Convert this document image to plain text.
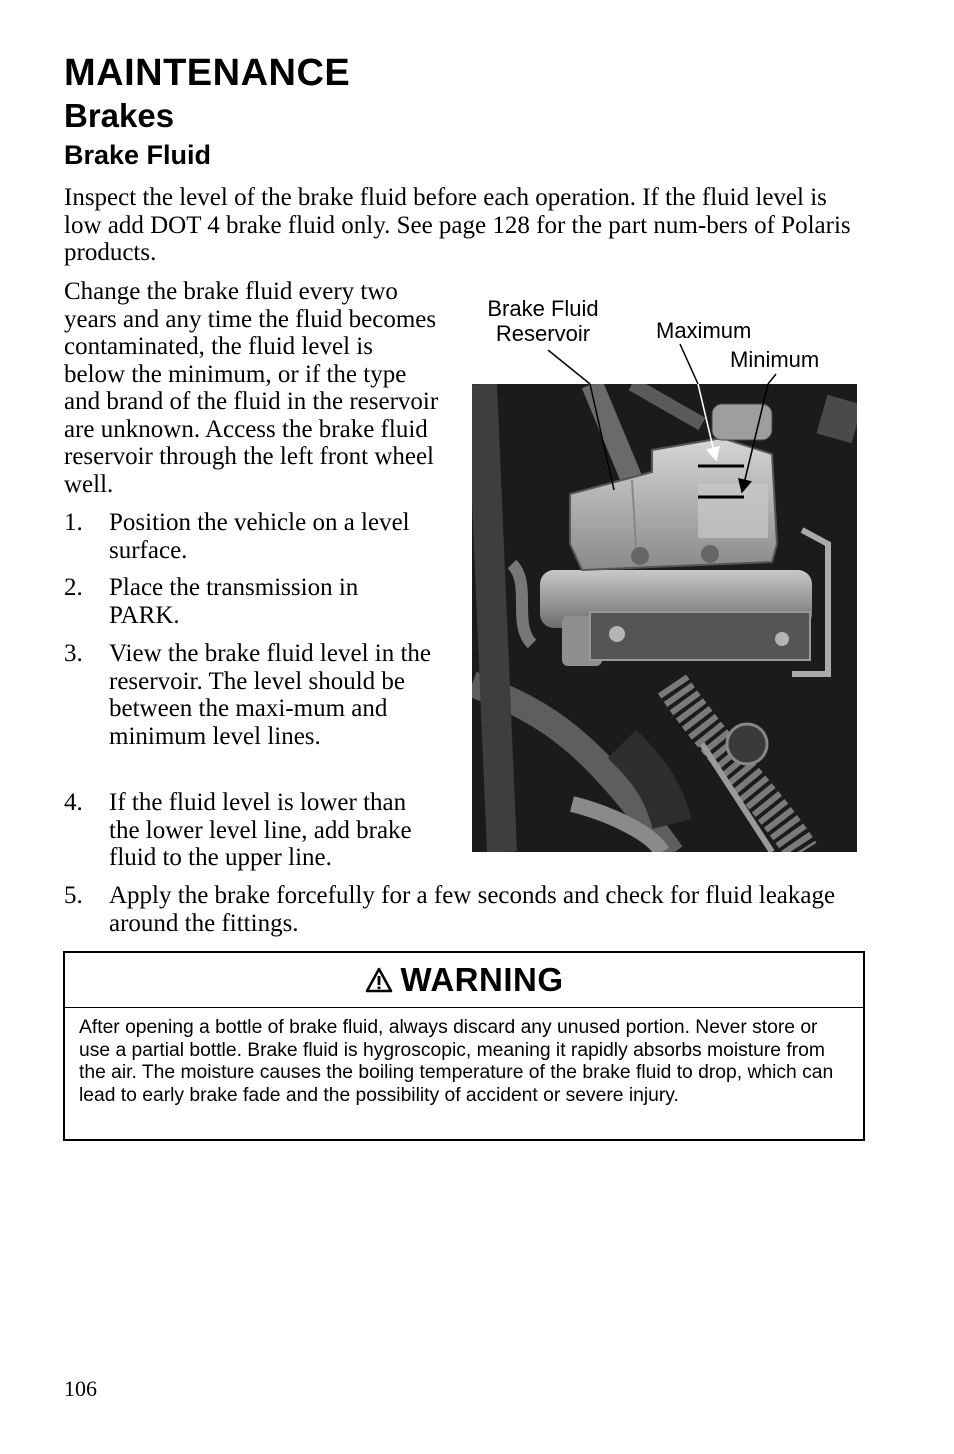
MAINTENANCE
Brakes
Brake Fluid

Inspect the level of the brake fluid before each operation. If the fluid level is low add DOT 4 brake fluid only. See page 128 for the part num-bers of Polaris products.

Change the brake fluid every two years and any time the fluid becomes contaminated, the fluid level is below the minimum, or if the type and brand of the fluid in the reservoir are unknown. Access the brake fluid reservoir through the left front wheel well.

1. Position the vehicle on a level surface.
2. Place the transmission in PARK.
3. View the brake fluid level in the reservoir. The level should be between the maxi-mum and minimum level lines.
4. If the fluid level is lower than the lower level line, add brake fluid to the upper line.
5. Apply the brake forcefully for a few seconds and check for fluid leakage around the fittings.
Brake Fluid Reservoir	Maximum
Minimum
WARNING

After opening a bottle of brake fluid, always discard any unused portion. Never store or use a partial bottle. Brake fluid is hygroscopic, meaning it rapidly absorbs moisture from the air. The moisture causes the boiling temperature of the brake fluid to drop, which can lead to early brake fade and the possibility of accident or severe injury.

106
